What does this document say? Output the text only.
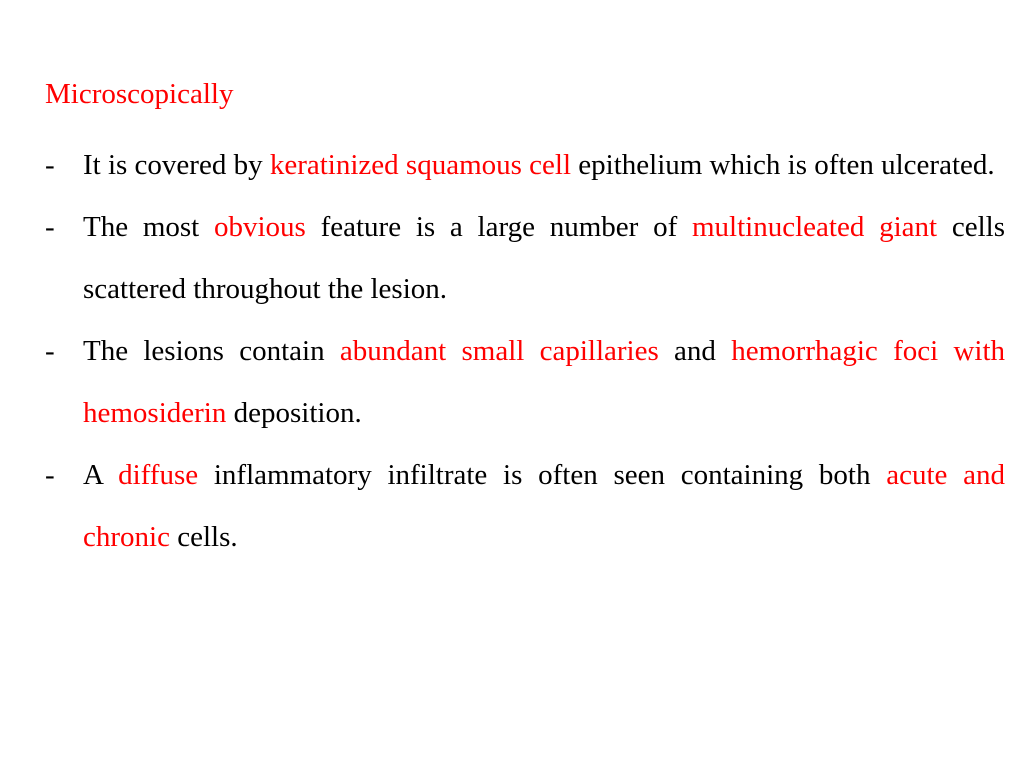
Microscopically
- It is covered by keratinized squamous cell epithelium which is often ulcerated.
- The most obvious feature is a large number of multinucleated giant cells scattered throughout the lesion.
- The lesions contain abundant small capillaries and hemorrhagic foci with hemosiderin deposition.
- A diffuse inflammatory infiltrate is often seen containing both acute and chronic cells.
